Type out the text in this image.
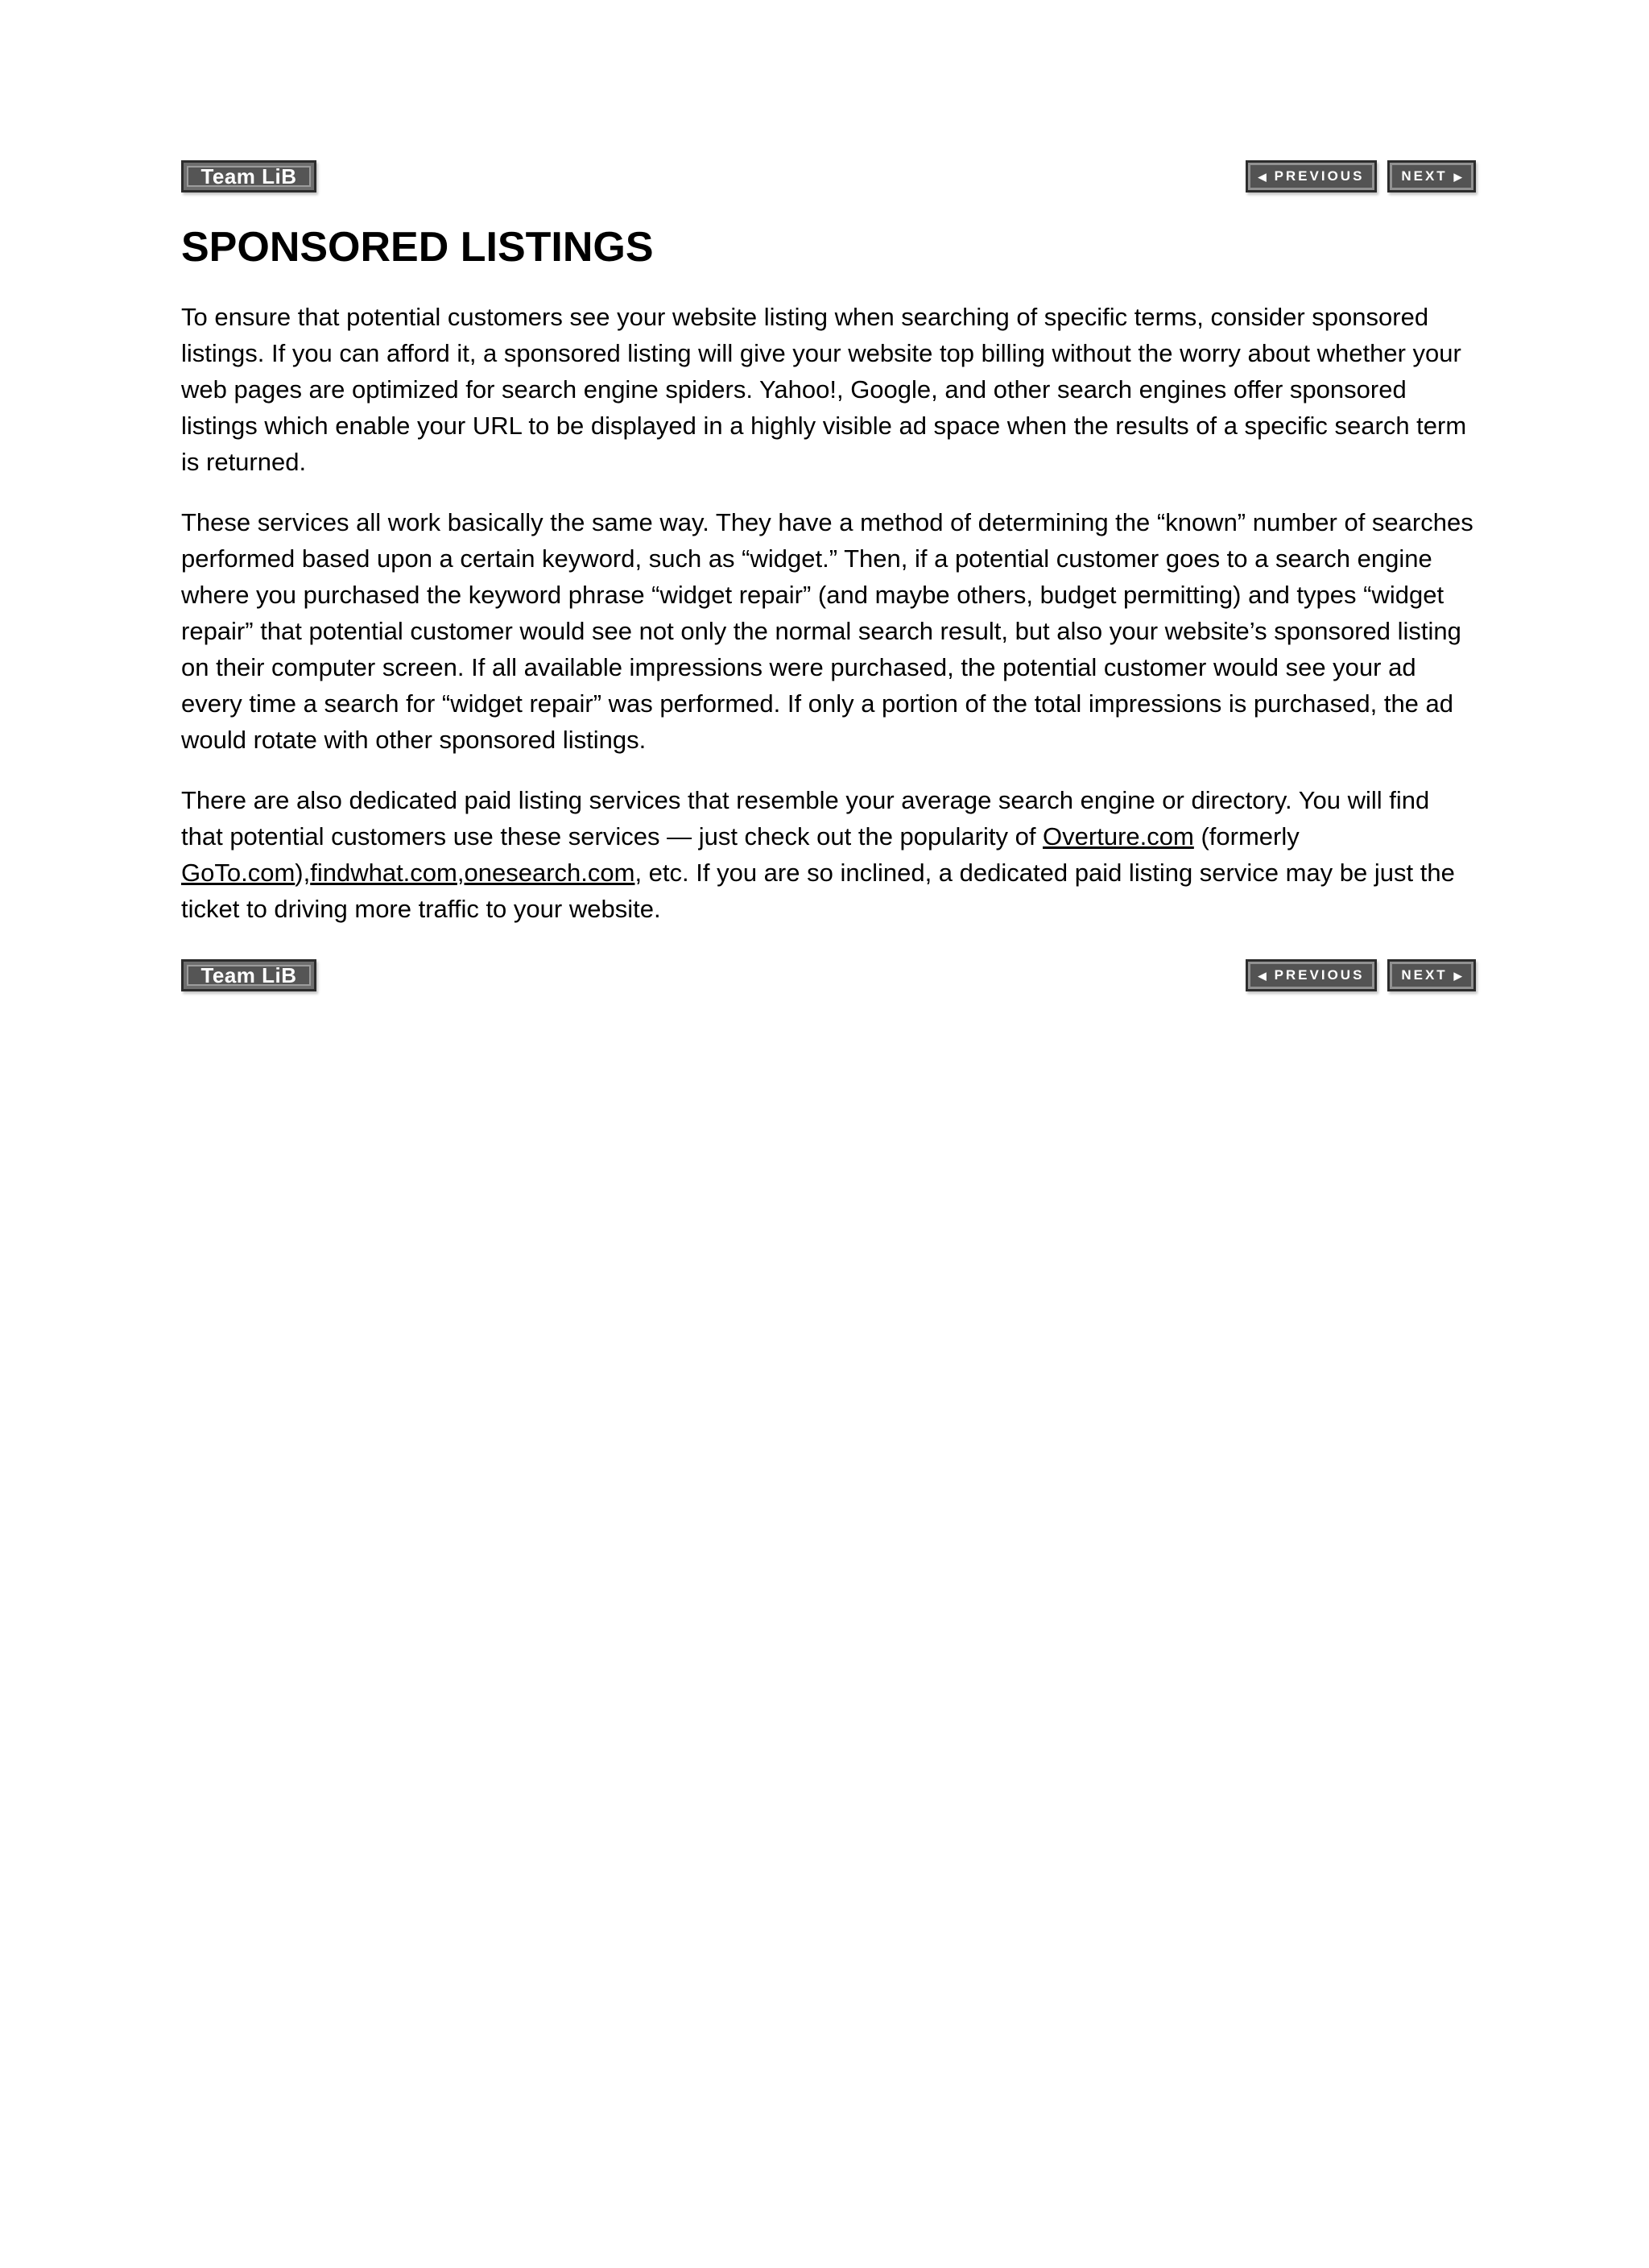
Team LiB	◀ PREVIOUS	NEXT ▶
SPONSORED LISTINGS

To ensure that potential customers see your website listing when searching of specific terms, consider sponsored listings. If you can afford it, a sponsored listing will give your website top billing without the worry about whether your web pages are optimized for search engine spiders. Yahoo!, Google, and other search engines offer sponsored listings which enable your URL to be displayed in a highly visible ad space when the results of a specific search term is returned.

These services all work basically the same way. They have a method of determining the “known” number of searches performed based upon a certain keyword, such as “widget.” Then, if a potential customer goes to a search engine where you purchased the keyword phrase “widget repair” (and maybe others, budget permitting) and types “widget repair” that potential customer would see not only the normal search result, but also your website’s sponsored listing on their computer screen. If all available impressions were purchased, the potential customer would see your ad every time a search for “widget repair” was performed. If only a portion of the total impressions is purchased, the ad would rotate with other sponsored listings.

There are also dedicated paid listing services that resemble your average search engine or directory. You will find that potential customers use these services — just check out the popularity of Overture.com (formerly GoTo.com),findwhat.com,onesearch.com, etc. If you are so inclined, a dedicated paid listing service may be just the ticket to driving more traffic to your website.

Team LiB	◀ PREVIOUS	NEXT ▶
